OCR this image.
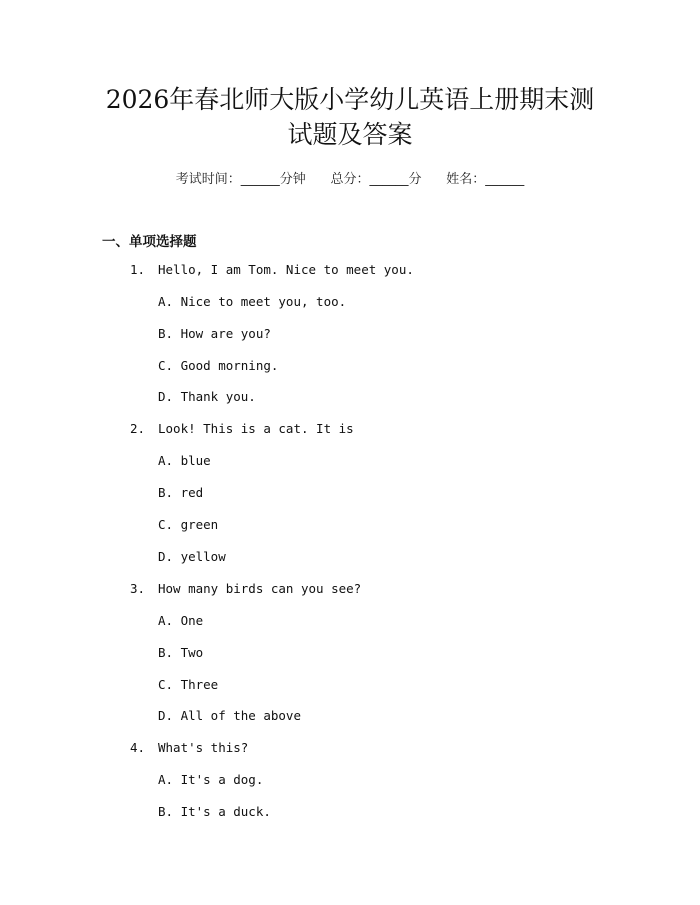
2026年春北师大版小学幼儿英语上册期末测
试题及答案
考试时间：______分钟      总分：______分      姓名：______
一、单项选择题
1. Hello, I am Tom. Nice to meet you.
A. Nice to meet you, too.
B. How are you?
C. Good morning.
D. Thank you.
2. Look! This is a cat. It is
A. blue
B. red
C. green
D. yellow
3. How many birds can you see?
A. One
B. Two
C. Three
D. All of the above
4. What's this?
A. It's a dog.
B. It's a duck.
